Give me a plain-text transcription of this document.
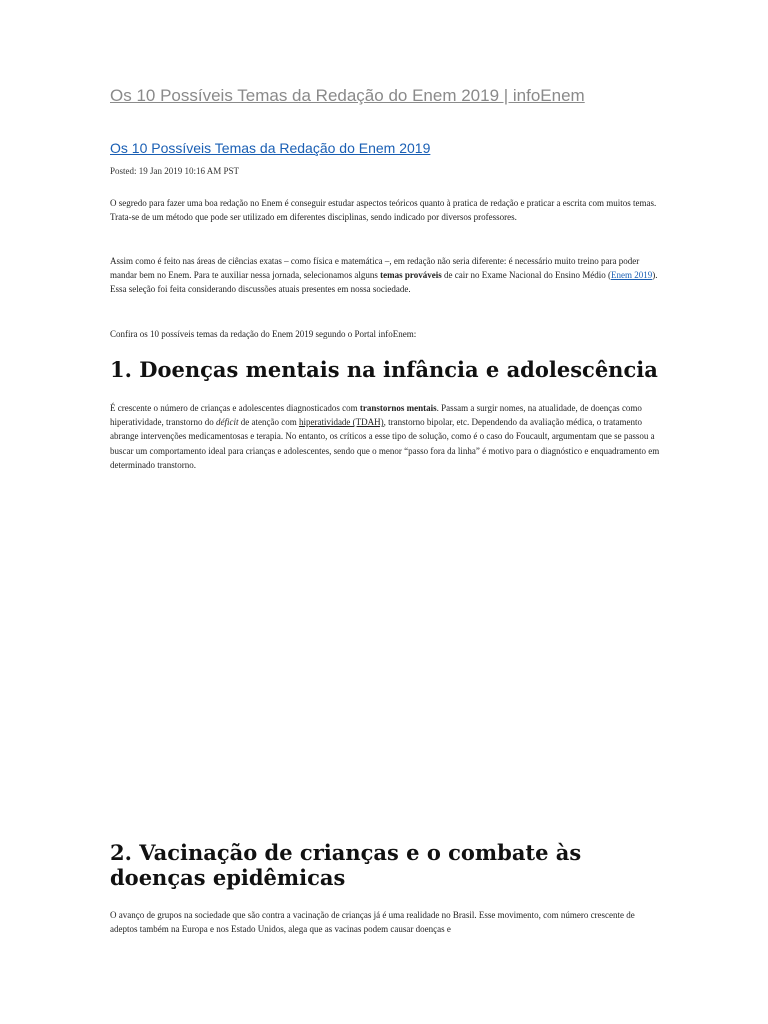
Os 10 Possíveis Temas da Redação do Enem 2019 | infoEnem
Os 10 Possíveis Temas da Redação do Enem 2019

Posted: 19 Jan 2019 10:16 AM PST

O segredo para fazer uma boa redação no Enem é conseguir estudar aspectos teóricos quanto à pratica de redação e praticar a escrita com muitos temas. Trata-se de um método que pode ser utilizado em diferentes disciplinas, sendo indicado por diversos professores.

Assim como é feito nas áreas de ciências exatas – como física e matemática –, em redação não seria diferente: é necessário muito treino para poder mandar bem no Enem. Para te auxiliar nessa jornada, selecionamos alguns temas prováveis de cair no Exame Nacional do Ensino Médio (Enem 2019). Essa seleção foi feita considerando discussões atuais presentes em nossa sociedade.

Confira os 10 possíveis temas da redação do Enem 2019 segundo o Portal infoEnem:

1. Doenças mentais na infância e adolescência

É crescente o número de crianças e adolescentes diagnosticados com transtornos mentais. Passam a surgir nomes, na atualidade, de doenças como hiperatividade, transtorno do déficit de atenção com hiperatividade (TDAH), transtorno bipolar, etc. Dependendo da avaliação médica, o tratamento abrange intervenções medicamentosas e terapia. No entanto, os críticos a esse tipo de solução, como é o caso do Foucault, argumentam que se passou a buscar um comportamento ideal para crianças e adolescentes, sendo que o menor “passo fora da linha” é motivo para o diagnóstico e enquadramento em determinado transtorno.

2. Vacinação de crianças e o combate às doenças epidêmicas

O avanço de grupos na sociedade que são contra a vacinação de crianças já é uma realidade no Brasil. Esse movimento, com número crescente de adeptos também na Europa e nos Estado Unidos, alega que as vacinas podem causar doenças e
